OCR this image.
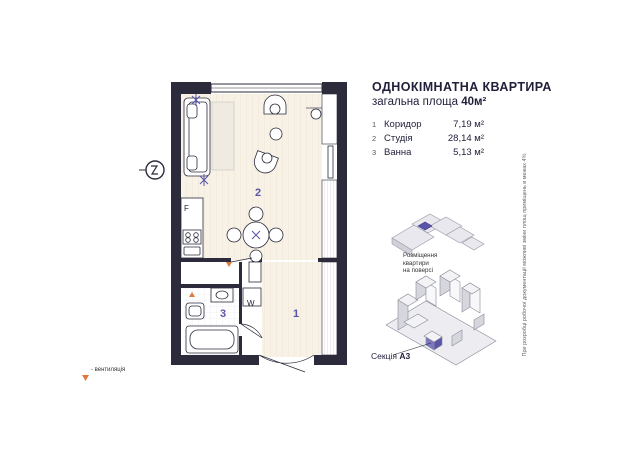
ОДНОКІМНАТНА КВАРТИРА
загальна площа 40м²
1 Коридор	7,19 м²
2 Студія	28,14 м²
3 Ванна	5,13 м²
F
W
2
1
3
Розміщення
квартири
на поверсі
Секція А3
- вентиляція
При розробці робочої документації можливі зміни площ приміщень в межах 4%
